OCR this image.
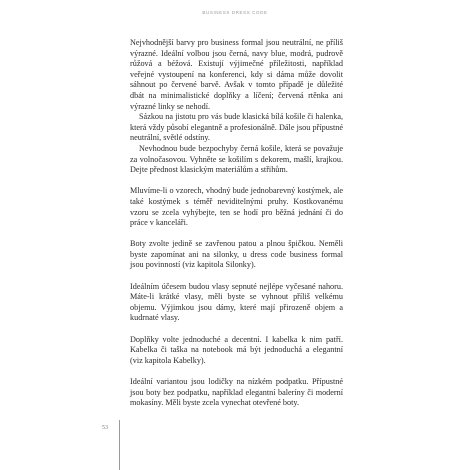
BUSINESS DRESS CODE

Nejvhodnější barvy pro business formal jsou neutrální, ne příliš výrazné. Ideální volbou jsou černá, navy blue, modrá, pudrově růžová a béžová. Existují výjimečné příležitosti, například veřejné vystoupení na konferenci, kdy si dáma může dovolit sáhnout po červené barvě. Avšak v tomto případě je důležité dbát na minimalistické doplňky a líčení; červená rtěnka ani výrazné linky se nehodí.

Sázkou na jistotu pro vás bude klasická bílá košile či halenka, která vždy působí elegantně a profesionálně. Dále jsou přípustné neutrální, světlé odstíny.

Nevhodnou bude bezpochyby černá košile, která se považuje za volnočasovou. Vyhněte se košilím s dekorem, mašlí, krajkou. Dejte přednost klasickým materiálům a střihům.

Mluvíme-li o vzorech, vhodný bude jednobarevný kostýmek, ale také kostýmek s téměř neviditelnými pruhy. Kostkovanému vzoru se zcela vyhýbejte, ten se hodí pro běžná jednání či do práce v kanceláři.

Boty zvolte jedině se zavřenou patou a plnou špičkou. Neměli byste zapomínat ani na silonky, u dress code business formal jsou povinností (viz kapitola Silonky).

Ideálním účesem budou vlasy sepnuté nejlépe vyčesané nahoru. Máte-li krátké vlasy, měli byste se vyhnout příliš velkému objemu. Výjimkou jsou dámy, které mají přirozeně objem a kudrnaté vlasy.

Doplňky volte jednoduché a decentní. I kabelka k nim patří. Kabelka či taška na notebook má být jednoduchá a elegantní (viz kapitola Kabelky).

Ideální variantou jsou lodičky na nízkém podpatku. Přípustné jsou boty bez podpatku, například elegantní baleríny či moderní mokasíny. Měli byste zcela vynechat otevřené boty.

53
